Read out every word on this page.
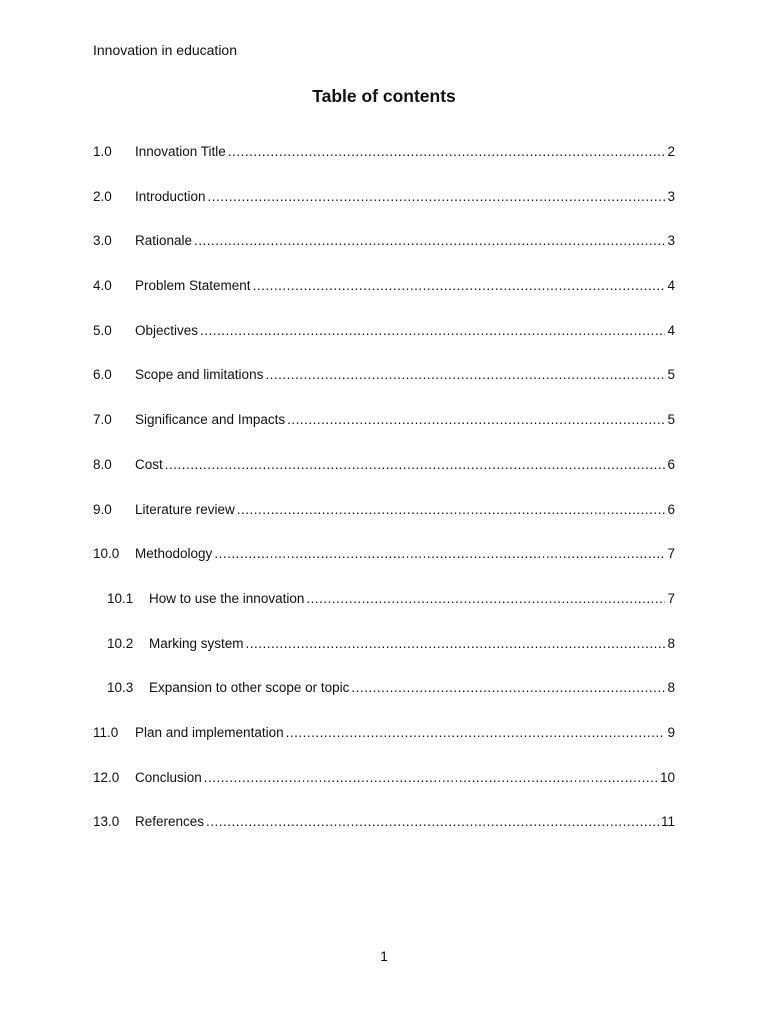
Innovation in education
Table of contents
1.0	Innovation Title .....	2
2.0	Introduction .....	3
3.0	Rationale .....	3
4.0	Problem Statement .....	4
5.0	Objectives .....	4
6.0	Scope and limitations .....	5
7.0	Significance and Impacts .....	5
8.0	Cost .....	6
9.0	Literature review .....	6
10.0	Methodology .....	7
10.1	How to use the innovation .....	7
10.2	Marking system .....	8
10.3	Expansion to other scope or topic .....	8
11.0	Plan and implementation .....	9
12.0	Conclusion .....	10
13.0	References .....	11
1
